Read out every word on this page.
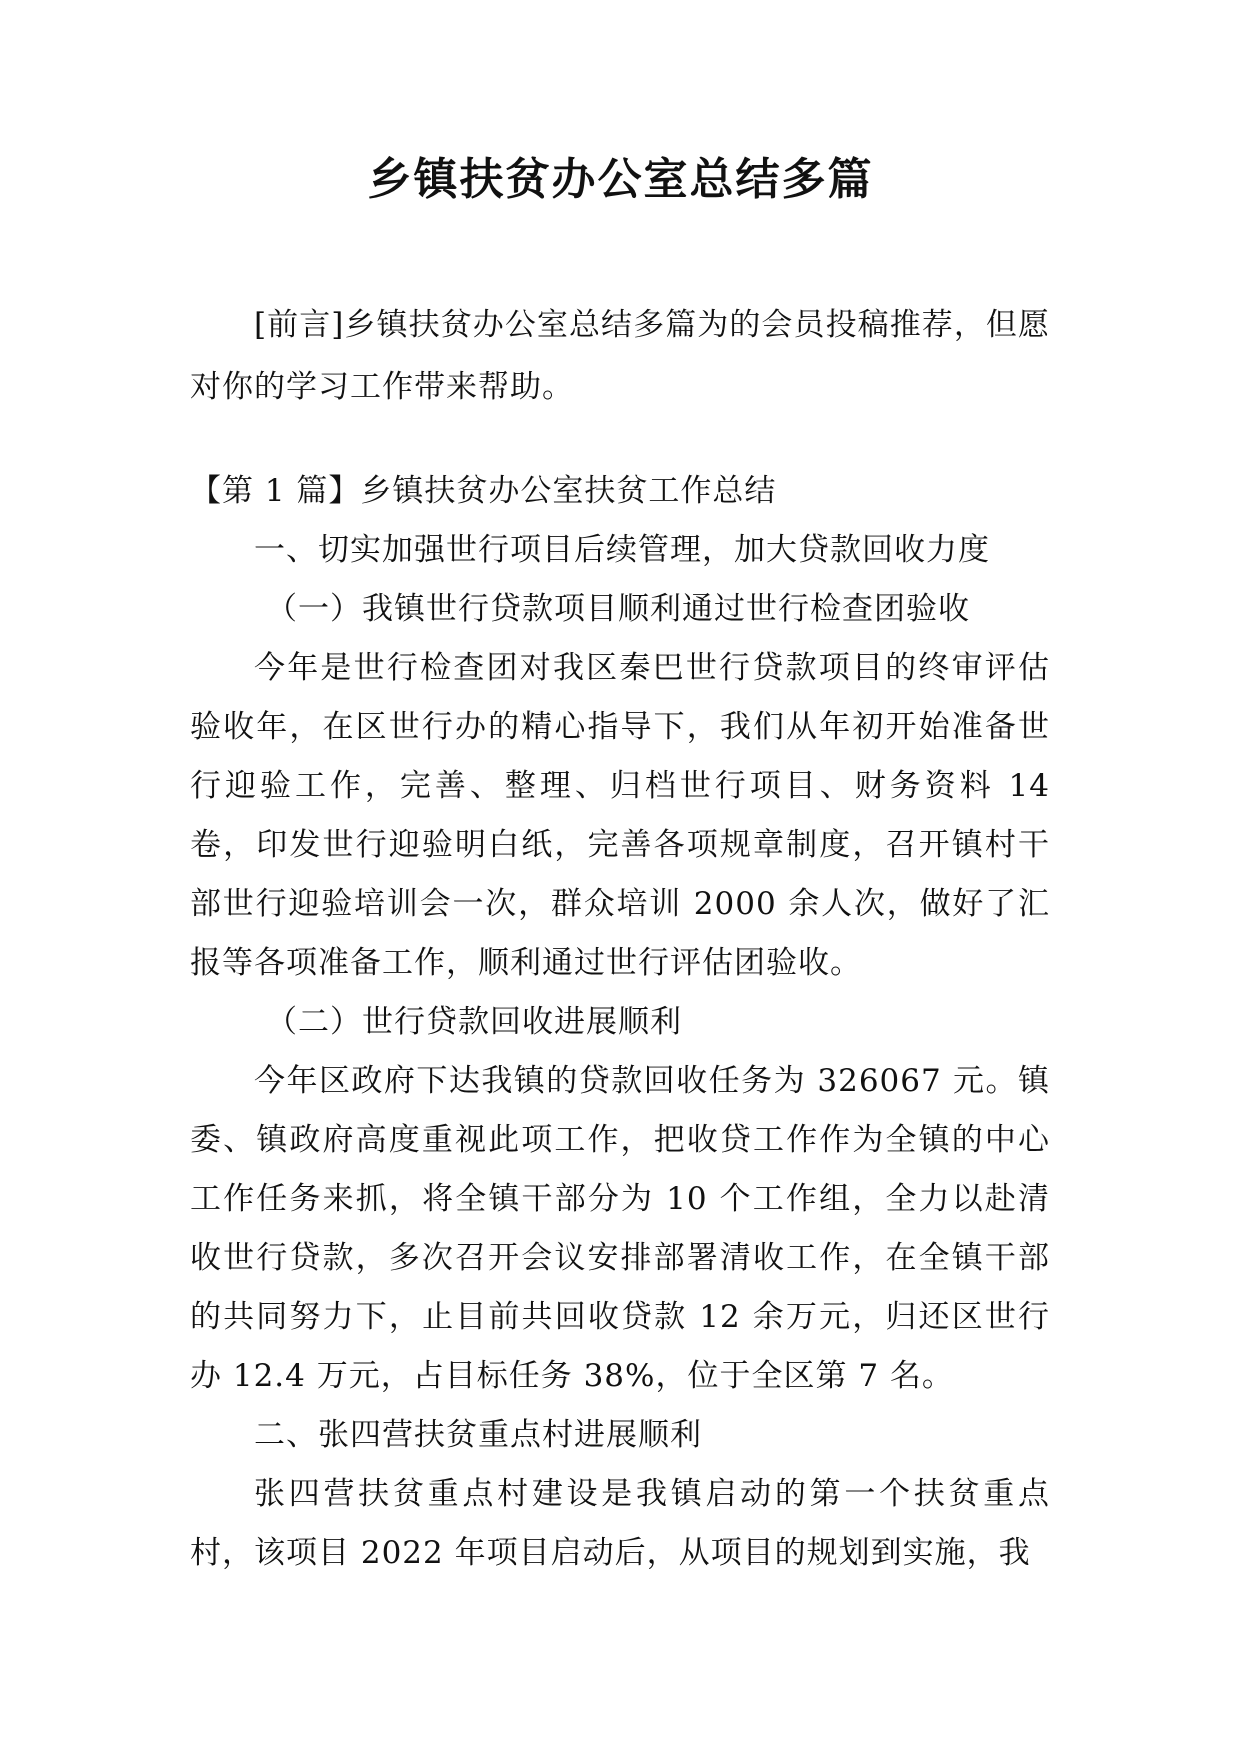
乡镇扶贫办公室总结多篇

[前言]乡镇扶贫办公室总结多篇为的会员投稿推荐，但愿对你的学习工作带来帮助。

【第 1 篇】乡镇扶贫办公室扶贫工作总结

一、切实加强世行项目后续管理，加大贷款回收力度

（一）我镇世行贷款项目顺利通过世行检查团验收

今年是世行检查团对我区秦巴世行贷款项目的终审评估验收年，在区世行办的精心指导下，我们从年初开始准备世行迎验工作，完善、整理、归档世行项目、财务资料 14 卷，印发世行迎验明白纸，完善各项规章制度，召开镇村干部世行迎验培训会一次，群众培训 2000 余人次，做好了汇报等各项准备工作，顺利通过世行评估团验收。

（二）世行贷款回收进展顺利

今年区政府下达我镇的贷款回收任务为 326067 元。镇委、镇政府高度重视此项工作，把收贷工作作为全镇的中心工作任务来抓，将全镇干部分为 10 个工作组，全力以赴清收世行贷款，多次召开会议安排部署清收工作，在全镇干部的共同努力下，止目前共回收贷款 12 余万元，归还区世行办 12.4 万元，占目标任务 38%，位于全区第 7 名。

二、张四营扶贫重点村进展顺利

张四营扶贫重点村建设是我镇启动的第一个扶贫重点村，该项目 2022 年项目启动后，从项目的规划到实施，我
